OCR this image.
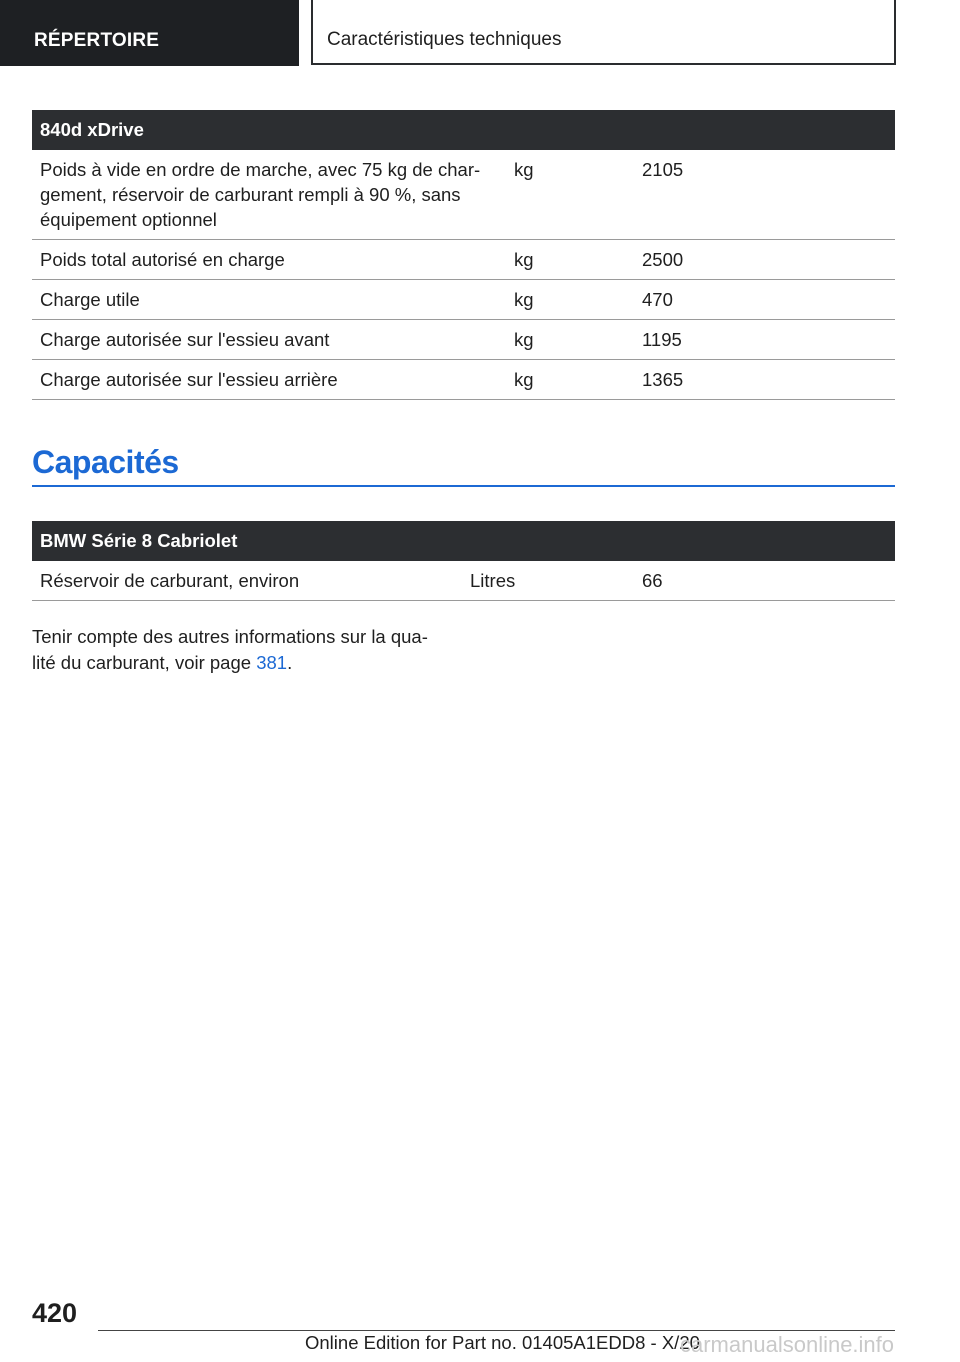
RÉPERTOIRE	Caractéristiques techniques
840d xDrive
Poids à vide en ordre de marche, avec 75 kg de char-
gement, réservoir de carburant rempli à 90 %, sans
équipement optionnel
kg	2105
Poids total autorisé en charge	kg	2500
Charge utile	kg	470
Charge autorisée sur l'essieu avant	kg	1195
Charge autorisée sur l'essieu arrière	kg	1365
Capacités
BMW Série 8 Cabriolet
Réservoir de carburant, environ	Litres	66
Tenir compte des autres informations sur la qua-
lité du carburant, voir page 381.
420
Online Edition for Part no. 01405A1EDD8 - X/20
carmanualsonline.info
